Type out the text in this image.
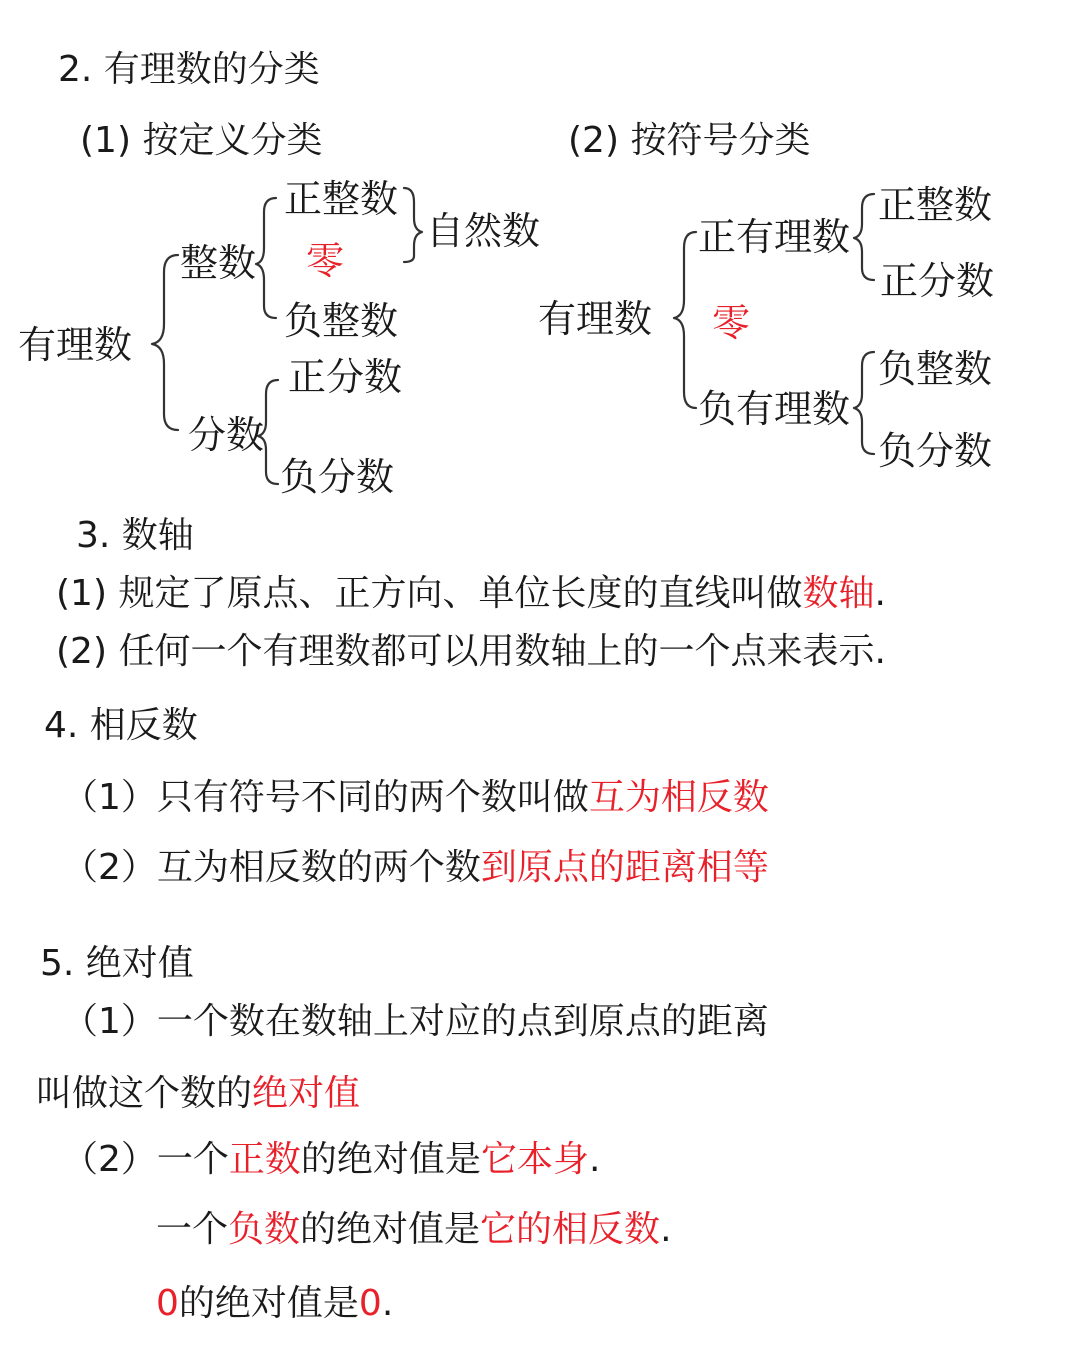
2. 有理数的分类
(1) 按定义分类	(2) 按符号分类
有理数
整数
正整数
零
负整数
自然数
分数
正分数
负分数
有理数
正有理数
零
负有理数
正整数
正分数
负整数
负分数
3. 数轴
(1) 规定了原点、正方向、单位长度的直线叫做数轴.
(2) 任何一个有理数都可以用数轴上的一个点来表示.
4. 相反数
（1）只有符号不同的两个数叫做互为相反数
（2）互为相反数的两个数到原点的距离相等
5. 绝对值
（1）一个数在数轴上对应的点到原点的距离
叫做这个数的绝对值
（2）一个正数的绝对值是它本身.
一个负数的绝对值是它的相反数.
0的绝对值是0.
